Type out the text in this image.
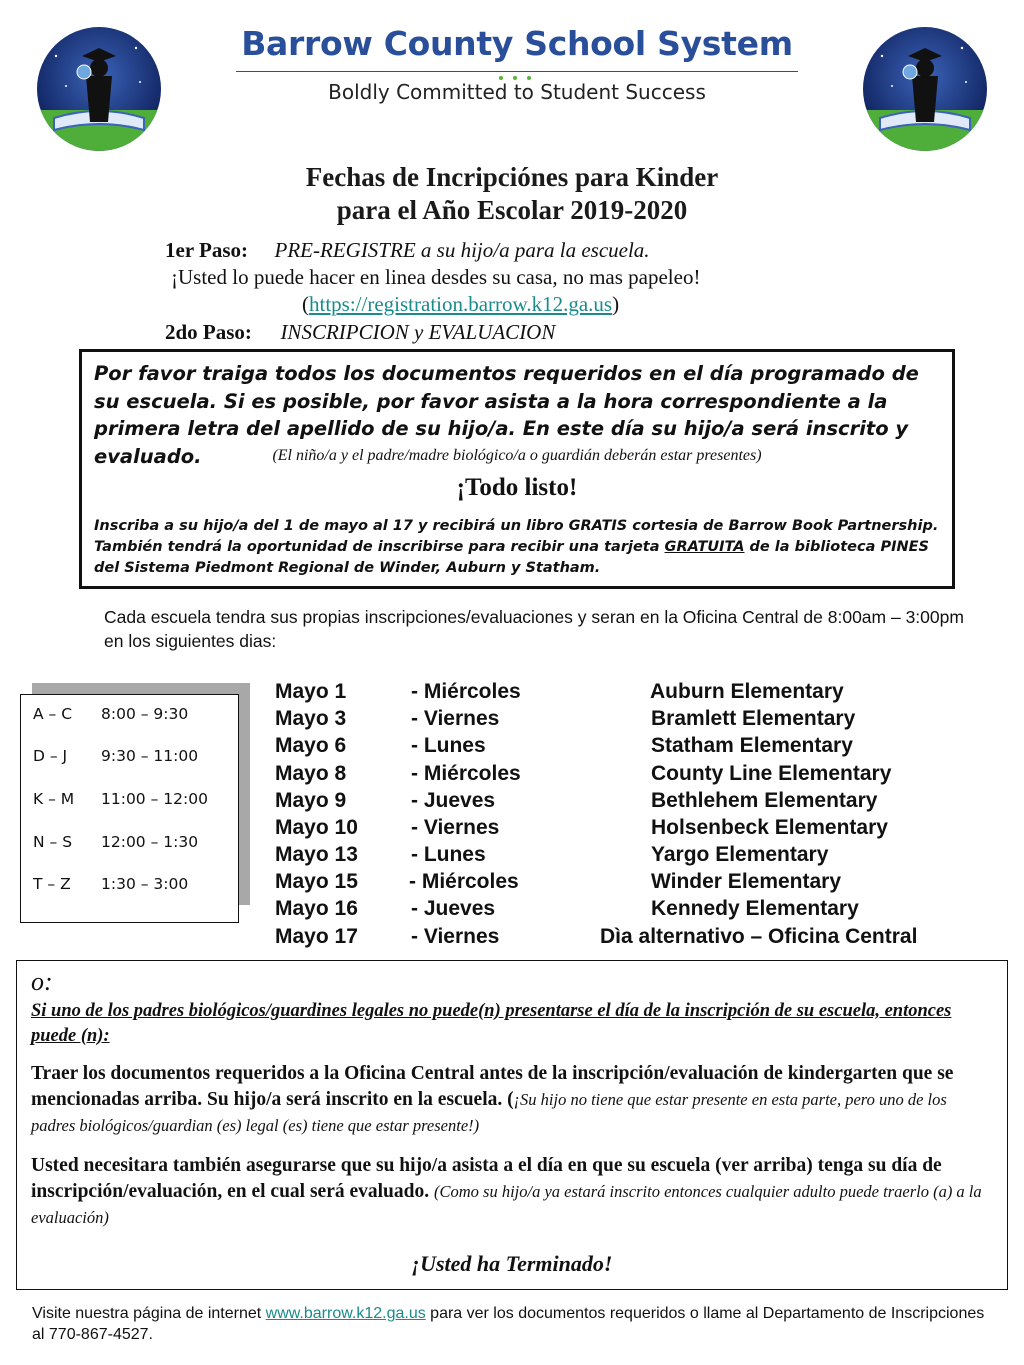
Barrow County School System
Boldly Committed to Student Success
Fechas de Incripciónes para Kinder
para el Año Escolar 2019-2020
1er Paso: PRE-REGISTRE a su hijo/a para la escuela.
¡Usted lo puede hacer en linea desdes su casa, no mas papeleo!
(https://registration.barrow.k12.ga.us)
2do Paso: INSCRIPCION y EVALUACION
Por favor traiga todos los documentos requeridos en el día programado de su escuela. Si es posible, por favor asista a la hora correspondiente a la primera letra del apellido de su hijo/a. En este día su hijo/a será inscrito y evaluado.	(El niño/a y el padre/madre biológico/a o guardián deberán estar presentes)
¡Todo listo!
Inscriba a su hijo/a del 1 de mayo al 17 y recibirá un libro GRATIS cortesia de Barrow Book Partnership. También tendrá la oportunidad de inscribirse para recibir una tarjeta GRATUITA de la biblioteca PINES del Sistema Piedmont Regional de Winder, Auburn y Statham.
Cada escuela tendra sus propias inscripciones/evaluaciones y seran en la Oficina Central de 8:00am – 3:00pm en los siguientes dias:
A – C 8:00 – 9:30
D – J 9:30 – 11:00
K – M 11:00 – 12:00
N – S 12:00 – 1:30
T – Z 1:30 – 3:00
Mayo 1	- Miércoles	Auburn Elementary
Mayo 3	- Viernes	Bramlett Elementary
Mayo 6	- Lunes	Statham Elementary
Mayo 8	- Miércoles	County Line Elementary
Mayo 9	- Jueves	Bethlehem Elementary
Mayo 10	- Viernes	Holsenbeck Elementary
Mayo 13	- Lunes	Yargo Elementary
Mayo 15 - Miércoles	Winder Elementary
Mayo 16	- Jueves	Kennedy Elementary
Mayo 17	- Viernes	Dìa alternativo – Oficina Central
o:
Si uno de los padres biológicos/guardines legales no puede(n) presentarse el día de la inscripción de su escuela, entonces puede (n):
Traer los documentos requeridos a la Oficina Central antes de la inscripción/evaluación de kindergarten que se mencionadas arriba. Su hijo/a será inscrito en la escuela. (¡Su hijo no tiene que estar presente en esta parte, pero uno de los padres biológicos/guardian (es) legal (es) tiene que estar presente!)
Usted necesitara también asegurarse que su hijo/a asista a el día en que su escuela (ver arriba) tenga su día de inscripción/evaluación, en el cual será evaluado. (Como su hijo/a ya estará inscrito entonces cualquier adulto puede traerlo (a) a la evaluación)
¡Usted ha Terminado!
Visite nuestra página de internet www.barrow.k12.ga.us para ver los documentos requeridos o llame al Departamento de Inscripciones al 770-867-4527.
